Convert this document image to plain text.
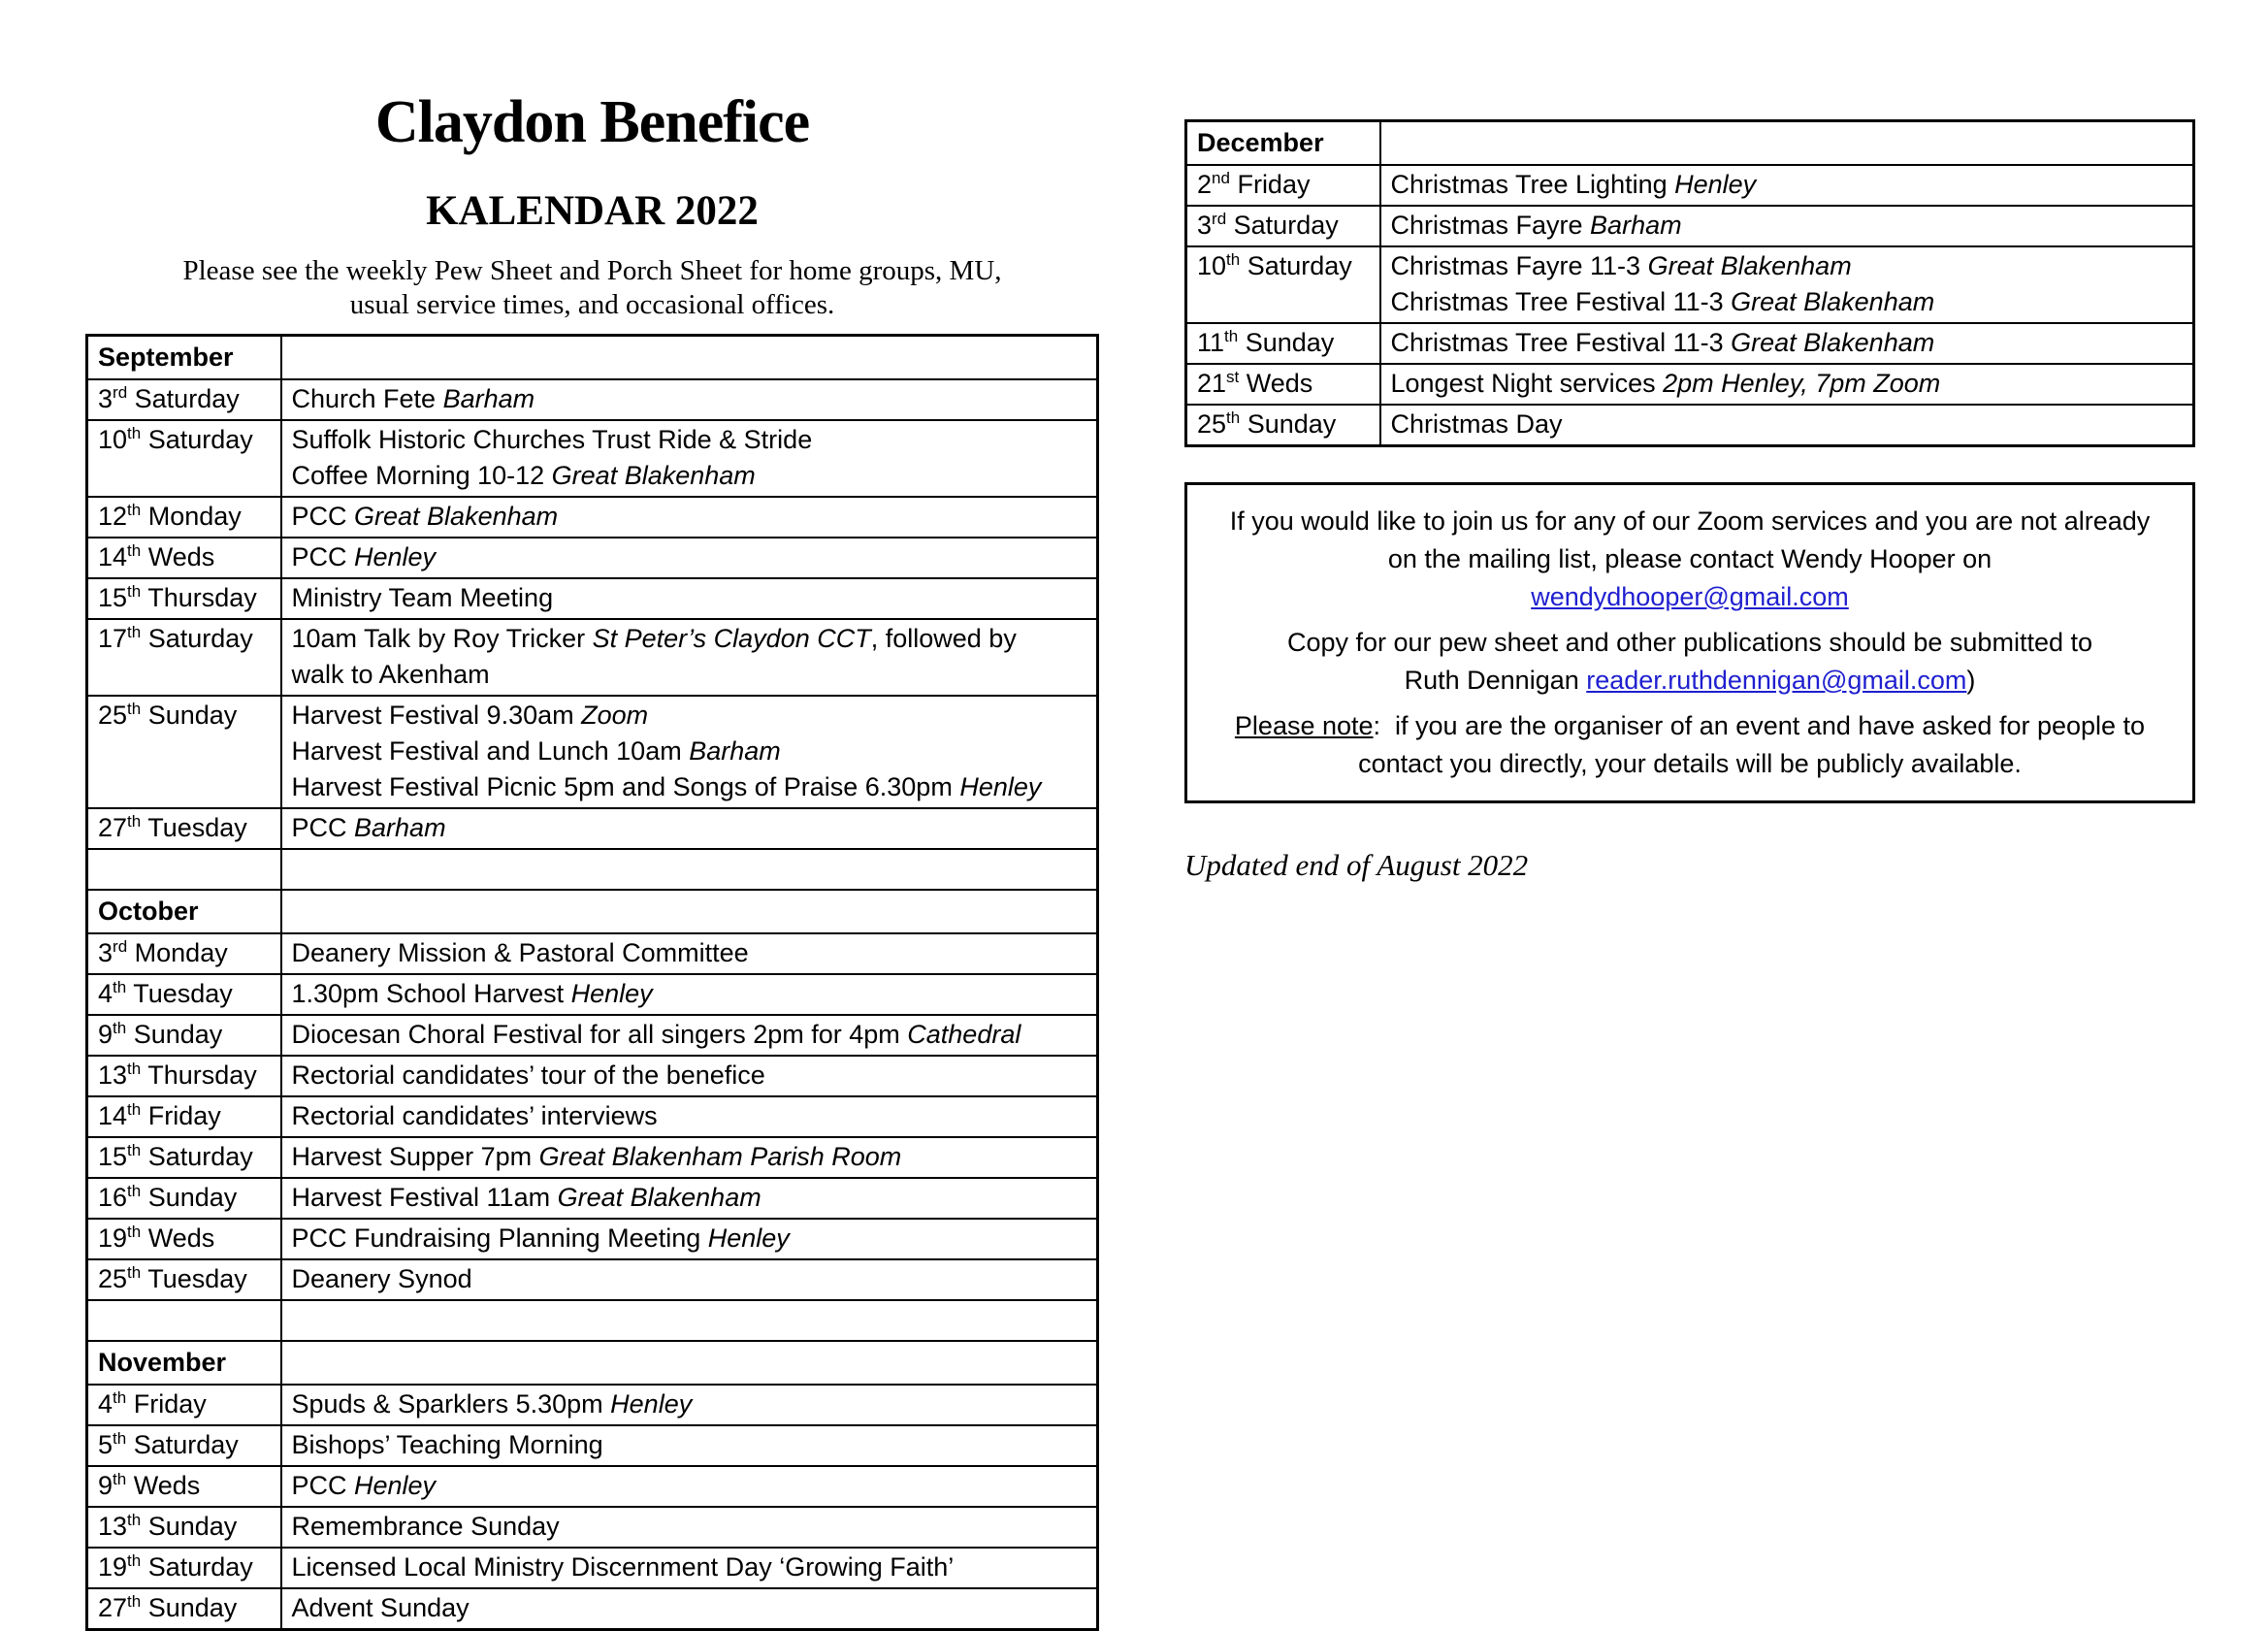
Claydon Benefice
KALENDAR 2022

Please see the weekly Pew Sheet and Porch Sheet for home groups, MU,
usual service times, and occasional offices.

September	
3rd Saturday	Church Fete Barham

10th Saturday	Suffolk Historic Churches Trust Ride & Stride
Coffee Morning 10-12 Great Blakenham

12th Monday	PCC Great Blakenham

14th Weds	PCC Henley

15th Thursday	Ministry Team Meeting

17th Saturday	10am Talk by Roy Tricker St Peter’s Claydon CCT, followed by
walk to Akenham

25th Sunday	Harvest Festival 9.30am Zoom
Harvest Festival and Lunch 10am Barham
Harvest Festival Picnic 5pm and Songs of Praise 6.30pm Henley

27th Tuesday	PCC Barham

October	
3rd Monday	Deanery Mission & Pastoral Committee

4th Tuesday	1.30pm School Harvest Henley

9th Sunday	Diocesan Choral Festival for all singers 2pm for 4pm Cathedral

13th Thursday	Rectorial candidates’ tour of the benefice

14th Friday	Rectorial candidates’ interviews

15th Saturday	Harvest Supper 7pm Great Blakenham Parish Room

16th Sunday	Harvest Festival 11am Great Blakenham

19th Weds	PCC Fundraising Planning Meeting Henley

25th Tuesday	Deanery Synod

November	
4th Friday	Spuds & Sparklers 5.30pm Henley

5th Saturday	Bishops’ Teaching Morning

9th Weds	PCC Henley

13th Sunday	Remembrance Sunday

19th Saturday	Licensed Local Ministry Discernment Day ‘Growing Faith’

27th Sunday	Advent Sunday
December	
2nd Friday	Christmas Tree Lighting Henley

3rd Saturday	Christmas Fayre Barham

10th Saturday	Christmas Fayre 11-3 Great Blakenham
Christmas Tree Festival 11-3 Great Blakenham

11th Sunday	Christmas Tree Festival 11-3 Great Blakenham

21st Weds	Longest Night services 2pm Henley, 7pm Zoom

25th Sunday	Christmas Day

If you would like to join us for any of our Zoom services and you are not already
on the mailing list, please contact Wendy Hooper on
wendydhooper@gmail.com

Copy for our pew sheet and other publications should be submitted to
Ruth Dennigan reader.ruthdennigan@gmail.com)

Please note:  if you are the organiser of an event and have asked for people to
contact you directly, your details will be publicly available.

Updated end of August 2022
